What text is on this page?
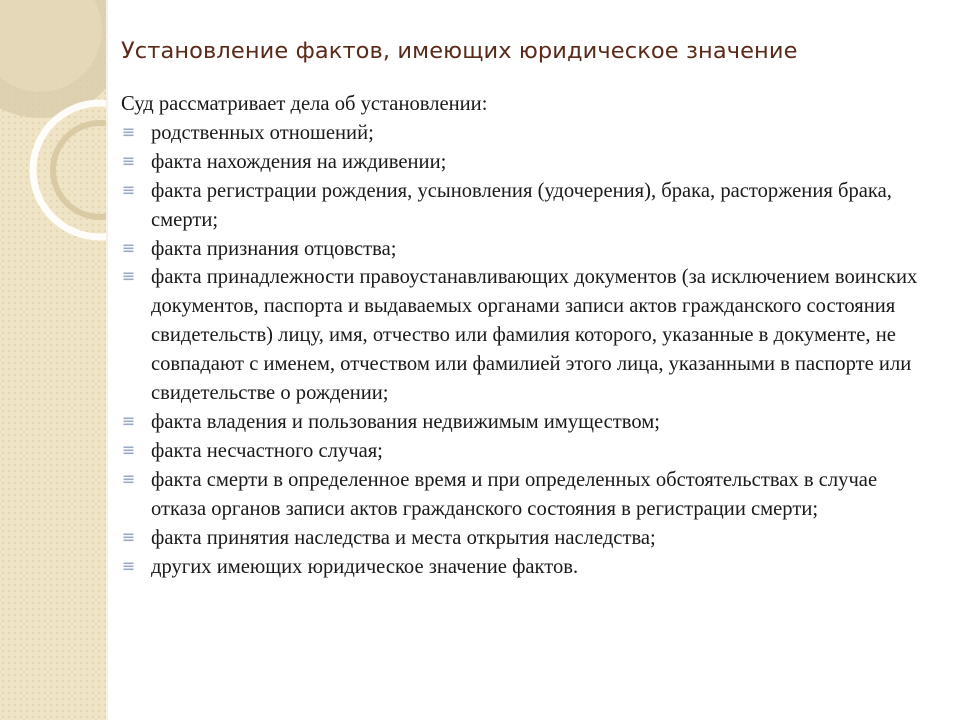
Установление фактов, имеющих юридическое значение

Суд рассматривает дела об установлении:

родственных отношений;
факта нахождения на иждивении;
факта регистрации рождения, усыновления (удочерения), брака, расторжения брака, смерти;
факта признания отцовства;
факта принадлежности правоустанавливающих документов (за исключением воинских документов, паспорта и выдаваемых органами записи актов гражданского состояния свидетельств) лицу, имя, отчество или фамилия которого, указанные в документе, не совпадают с именем, отчеством или фамилией этого лица, указанными в паспорте или свидетельстве о рождении;
факта владения и пользования недвижимым имуществом;
факта несчастного случая;
факта смерти в определенное время и при определенных обстоятельствах в случае отказа органов записи актов гражданского состояния в регистрации смерти;
факта принятия наследства и места открытия наследства;
других имеющих юридическое значение фактов.
